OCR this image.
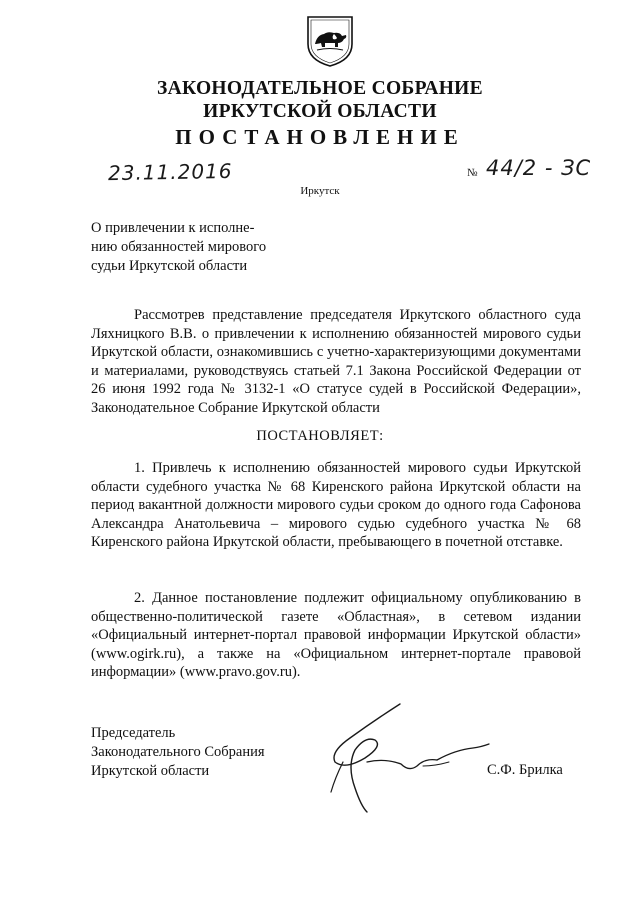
ЗАКОНОДАТЕЛЬНОЕ СОБРАНИЕ
ИРКУТСКОЙ ОБЛАСТИ
ПОСТАНОВЛЕНИЕ
23.11.2016	№ 44/2 - ЗС
Иркутск
О привлечении к исполне-
нию обязанностей мирового
судьи Иркутской области
Рассмотрев представление председателя Иркутского областного суда Ляхницкого В.В. о привлечении к исполнению обязанностей мирового судьи Иркутской области, ознакомившись с учетно-характеризующими документами и материалами, руководствуясь статьей 7.1 Закона Российской Федерации от 26 июня 1992 года № 3132-1 «О статусе судей в Российской Федерации», Законодательное Собрание Иркутской области
ПОСТАНОВЛЯЕТ:
1. Привлечь к исполнению обязанностей мирового судьи Иркутской области судебного участка № 68 Киренского района Иркутской области на период вакантной должности мирового судьи сроком до одного года Сафонова Александра Анатольевича – мирового судью судебного участка № 68 Киренского района Иркутской области, пребывающего в почетной отставке.
2. Данное постановление подлежит официальному опубликованию в общественно-политической газете «Областная», в сетевом издании «Официальный интернет-портал правовой информации Иркутской области» (www.ogirk.ru), а также на «Официальном интернет-портале правовой информации» (www.pravo.gov.ru).
Председатель
Законодательного Собрания
Иркутской области	С.Ф. Брилка
